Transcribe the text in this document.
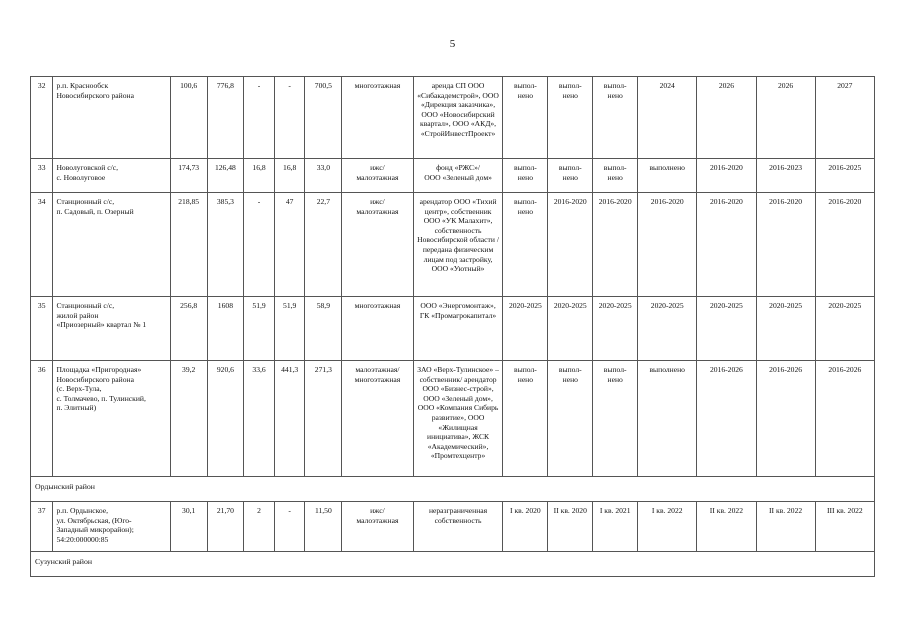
5
32	р.п. Краснообск
Новосибирского района	100,6	776,8	-	-	700,5	многоэтажная	аренда СП ООО «Сибакадемстрой», ООО «Дирекция заказчика», ООО «Новосибирский квартал», ООО «АКД», «СтройИнвестПроект»	выпол-
нено	выпол-
нено	выпол-
нено	2024	2026	2026	2027
33	Новолуговской с/с,
с. Новолуговое	174,73	126,48	16,8	16,8	33,0	ижс/
малоэтажная	фонд «РЖС»/
ООО «Зеленый дом»	выпол-
нено	выпол-
нено	выпол-
нено	выполнено	2016-2020	2016-2023	2016-2025
34	Станционный с/с,
п. Садовый, п. Озерный	218,85	385,3	-	47	22,7	ижс/
малоэтажная	арендатор ООО «Тихий центр», собственник ООО «УК Малахит», собственность Новосибирской области /передана физическим лицам под застройку, ООО «Уютный»	выпол-
нено	2016-2020	2016-2020	2016-2020	2016-2020	2016-2020	2016-2020
35	Станционный с/с,
жилой район
«Приозерный» квартал № 1	256,8	1608	51,9	51,9	58,9	многоэтажная	ООО «Энергомонтаж», ГК «Промагрокапитал»	2020-2025	2020-2025	2020-2025	2020-2025	2020-2025	2020-2025	2020-2025
36	Площадка «Пригородная»
Новосибирского района
(с. Верх-Тула,
с. Толмачево, п. Тулинский,
п. Элитный)	39,2	920,6	33,6	441,3	271,3	малоэтажная/
многоэтажная	ЗАО «Верх-Тулинское» – собственник/ арендатор ООО «Бизнес-строй», ООО «Зеленый дом», ООО «Компания Сибирь развитие», ООО «Жилищная инициатива», ЖСК «Академический», «Промтехцентр»	выпол-
нено	выпол-
нено	выпол-
нено	выполнено	2016-2026	2016-2026	2016-2026
Ордынский район															
37	р.п. Ордынское,
ул. Октябрьская, (Юго-
Западный микрорайон);
54:20:000000:85	30,1	21,70	2	-	11,50	ижс/
малоэтажная	неразграниченная собственность	I кв. 2020	II кв. 2020	I кв. 2021	I кв. 2022	II кв. 2022	II кв. 2022	III кв. 2022
Сузунский район															
